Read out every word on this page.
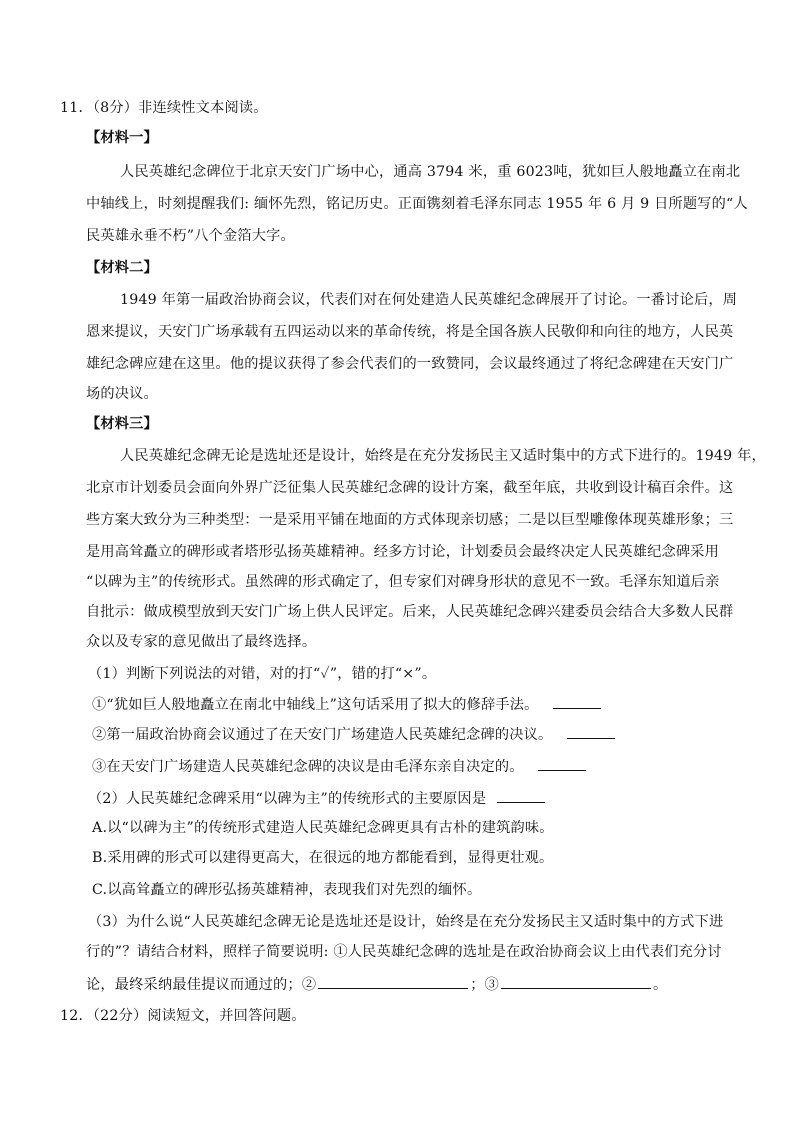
11．（8分）非连续性文本阅读。
【材料一】
人民英雄纪念碑位于北京天安门广场中心，通高 3794 米，重 6023吨，犹如巨人般地矗立在南北
中轴线上，时刻提醒我们: 缅怀先烈，铭记历史。正面镌刻着毛泽东同志 1955 年 6 月 9 日所题写的“人
民英雄永垂不朽”八个金箔大字。
【材料二】
1949 年第一届政治协商会议，代表们对在何处建造人民英雄纪念碑展开了讨论。一番讨论后，周
恩来提议，天安门广场承载有五四运动以来的革命传统，将是全国各族人民敬仰和向往的地方，人民英
雄纪念碑应建在这里。他的提议获得了参会代表们的一致赞同，会议最终通过了将纪念碑建在天安门广
场的决议。
【材料三】
人民英雄纪念碑无论是选址还是设计，始终是在充分发扬民主又适时集中的方式下进行的。1949 年，
北京市计划委员会面向外界广泛征集人民英雄纪念碑的设计方案，截至年底，共收到设计稿百余件。这
些方案大致分为三种类型：一是采用平铺在地面的方式体现亲切感；二是以巨型雕像体现英雄形象；三
是用高耸矗立的碑形或者塔形弘扬英雄精神。经多方讨论，计划委员会最终决定人民英雄纪念碑采用
“以碑为主”的传统形式。虽然碑的形式确定了，但专家们对碑身形状的意见不一致。毛泽东知道后亲
自批示：做成模型放到天安门广场上供人民评定。后来，人民英雄纪念碑兴建委员会结合大多数人民群
众以及专家的意见做出了最终选择。
（1）判断下列说法的对错，对的打“✓”，错的打“×”。
①“犹如巨人般地矗立在南北中轴线上”这句话采用了拟大的修辞手法。
②第一届政治协商会议通过了在天安门广场建造人民英雄纪念碑的决议。
③在天安门广场建造人民英雄纪念碑的决议是由毛泽东亲自决定的。
（2）人民英雄纪念碑采用“以碑为主”的传统形式的主要原因是
A.以“以碑为主”的传统形式建造人民英雄纪念碑更具有古朴的建筑韵味。
B.采用碑的形式可以建得更高大，在很远的地方都能看到，显得更壮观。
C.以高耸矗立的碑形弘扬英雄精神，表现我们对先烈的缅怀。
（3）为什么说“人民英雄纪念碑无论是选址还是设计，始终是在充分发扬民主又适时集中的方式下进
行的”？请结合材料，照样子简要说明: ①人民英雄纪念碑的选址是在政治协商会议上由代表们充分讨
论，最终采纳最佳提议而通过的；②	；③	。
12．（22分）阅读短文，并回答问题。
